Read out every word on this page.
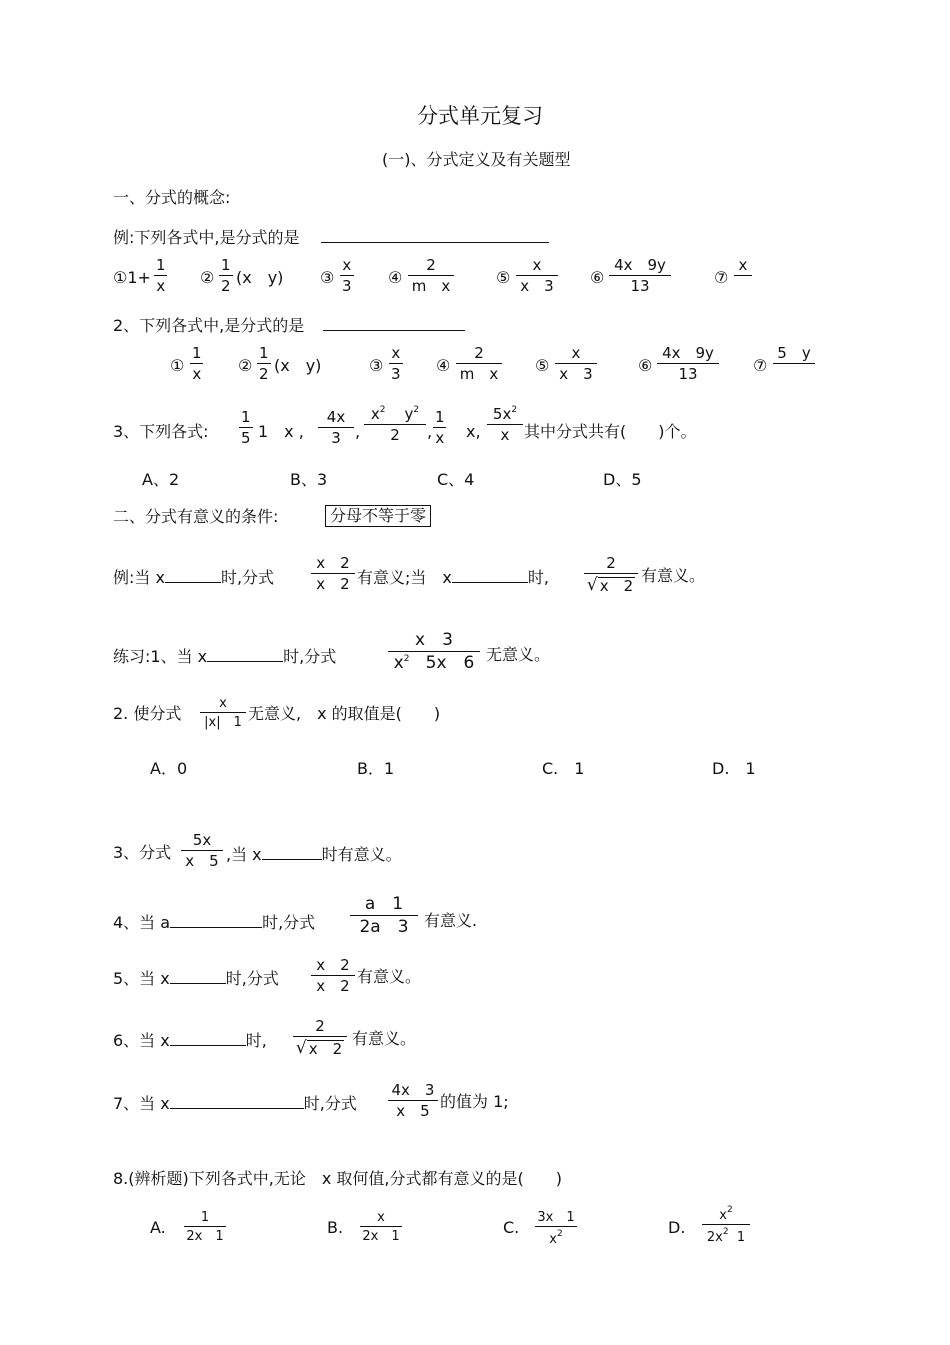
分式单元复习
(一)、分式定义及有关题型
一、分式的概念:
例:下列各式中,是分式的是
①1+
1
x ②
1
2 (x　y) ③
x
3 ④
2
m　x	⑤
x
x　3 ⑥
4x　9y
13	⑦
x
2、下列各式中,是分式的是
①
1
x ②
1
2 (x　y)	③
x
3 ④
2
m　x ⑤
x
x　3	⑥
4x　9y
13	⑦
5　y
3、下列各式:
1
5 1　x ,
4x
3 ,
$x^2$ $y^2$
2	,
1
x x,
$5x^2$
x 其中分式共有(　　)个。
A、2	B、3	C、4	D、5
二、分式有意义的条件:	分母不等于零
例:当 x	时,分式
x　2
x　2 有意义;当　x	时,
2
√ x　2
有意义。
练习:1、当 x	时,分式
x　3
$x^2$ 5x　6 无意义。
2. 使分式
x
|x|　1 无意义,　x 的取值是(　　)
A．0	B．1	C.　1	D.　1
3、分式
5x
x　5 ,当 x	时有意义。
4、当 a	时,分式
a　1
2a　3 有意义.
5、当 x	时,分式
x　2
x　2 有意义。
6、当 x	时,
2
√ x　2
有意义。
7、当 x	时,分式
4x　3
x　5 的值为 1;
8.(辨析题)下列各式中,无论　x 取何值,分式都有意义的是(　　)
A.
1
2x　1	B.
x
2x　1	C.
3x　1
$x^2$	D.
$x^2$
$2x^2$ 1
